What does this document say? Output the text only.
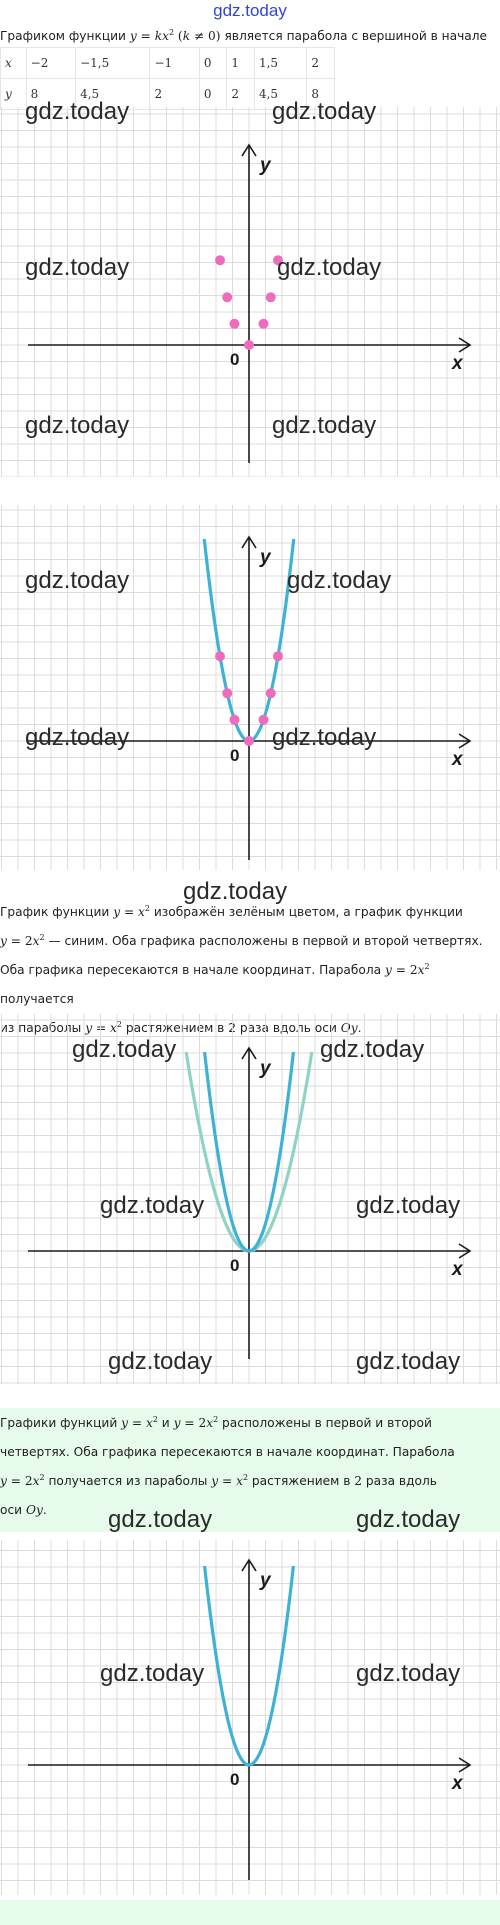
gdz.today
Графиком функции $y = kx^2$ (k ≠ 0) является парабола с вершиной в начале
x	−2	−1,5	−1	0	1	1,5	2
y	8	4,5	2	0	2	4,5	8
x
y
0
x
y
0
График функции $y = x^2$ изображён зелёным цветом, а график функции
$y = 2x^2$ — синим. Оба графика расположены в первой и второй четвертях.
Оба графика пересекаются в начале координат. Парабола $y = 2x^2$ получается
из параболы $y = x^2$ растяжением в 2 раза вдоль оси Oy.
x
y
0
Графики функций $y = x^2$ и $y = 2x^2$ расположены в первой и второй
четвертях. Оба графика пересекаются в начале координат. Парабола
$y = 2x^2$ получается из параболы $y = x^2$ растяжением в 2 раза вдоль
оси Oy.
x
y
0
gdz.today	gdz.today
gdz.today	gdz.today
gdz.today	gdz.today
gdz.today	gdz.today
gdz.today	gdz.today
gdz.today
gdz.today	gdz.today
gdz.today	gdz.today
gdz.today	gdz.today
gdz.today	gdz.today
gdz.today	gdz.today
